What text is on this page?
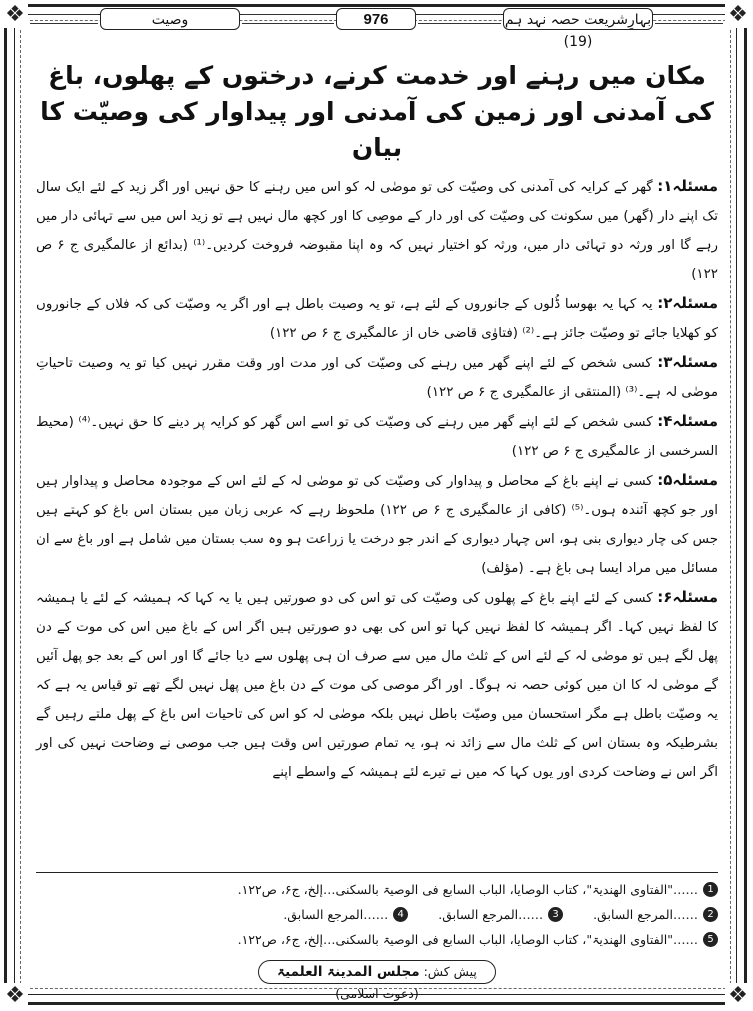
❖	❖
❖	❖
بہارِشریعت حصہ نہد ہم (19)
976
وصیت
مکان میں رہنے اور خدمت کرنے، درختوں کے پھلوں، باغ کی آمدنی اور زمین کی آمدنی اور پیداوار کی وصیّت کا بیان

مسئلہ۱: گھر کے کرایہ کی آمدنی کی وصیّت کی تو موصٰی لہ کو اس میں رہنے کا حق نہیں اور اگر زید کے لئے ایک سال تک اپنے دار (گھر) میں سکونت کی وصیّت کی اور دار کے موصِی کا اور کچھ مال نہیں ہے تو زید اس میں سے تہائی دار میں رہے گا اور ورثہ دو تہائی دار میں، ورثہ کو اختیار نہیں کہ وہ اپنا مقبوضہ فروخت کردیں۔⁽¹⁾ (بدائع از عالمگیری ج ۶ ص ۱۲۲)

مسئلہ۲: یہ کہا یہ بھوسا ڈُلوں کے جانوروں کے لئے ہے، تو یہ وصیت باطل ہے اور اگر یہ وصیّت کی کہ فلاں کے جانوروں کو کھلایا جائے تو وصیّت جائز ہے۔⁽²⁾ (فتاوٰی قاضی خاں از عالمگیری ج ۶ ص ۱۲۲)

مسئلہ۳: کسی شخص کے لئے اپنے گھر میں رہنے کی وصیّت کی اور مدت اور وقت مقرر نہیں کیا تو یہ وصیت تاحیاتِ موصٰی لہ ہے۔⁽³⁾ (المنتقی از عالمگیری ج ۶ ص ۱۲۲)

مسئلہ۴: کسی شخص کے لئے اپنے گھر میں رہنے کی وصیّت کی تو اسے اس گھر کو کرایہ پر دینے کا حق نہیں۔⁽⁴⁾ (محیط السرخسی از عالمگیری ج ۶ ص ۱۲۲)

مسئلہ۵: کسی نے اپنے باغ کے محاصل و پیداوار کی وصیّت کی تو موصٰی لہ کے لئے اس کے موجودہ محاصل و پیداوار ہیں اور جو کچھ آئندہ ہوں۔⁽⁵⁾ (کافی از عالمگیری ج ۶ ص ۱۲۲) ملحوظ رہے کہ عربی زبان میں بستان اس باغ کو کہتے ہیں جس کی چار دیواری بنی ہو، اس چہار دیواری کے اندر جو درخت یا زراعت ہو وہ سب بستان میں شامل ہے اور باغ سے ان مسائل میں مراد ایسا ہی باغ ہے۔ (مؤلف)

مسئلہ۶: کسی کے لئے اپنے باغ کے پھلوں کی وصیّت کی تو اس کی دو صورتیں ہیں یا یہ کہا کہ ہمیشہ کے لئے یا ہمیشہ کا لفظ نہیں کہا۔ اگر ہمیشہ کا لفظ نہیں کہا تو اس کی بھی دو صورتیں ہیں اگر اس کے باغ میں اس کی موت کے دن پھل لگے ہیں تو موصٰی لہ کے لئے اس کے ثلث مال میں سے صرف ان ہی پھلوں سے دیا جائے گا اور اس کے بعد جو پھل آئیں گے موصٰی لہ کا ان میں کوئی حصہ نہ ہوگا۔ اور اگر موصی کی موت کے دن باغ میں پھل نہیں لگے تھے تو قیاس یہ ہے کہ یہ وصیّت باطل ہے مگر استحسان میں وصیّت باطل نہیں بلکہ موصٰی لہ کو اس کی تاحیات اس باغ کے پھل ملتے رہیں گے بشرطیکہ وہ بستان اس کے ثلث مال سے زائد نہ ہو، یہ تمام صورتیں اس وقت ہیں جب موصی نے وضاحت نہیں کی اور اگر اس نے وضاحت کردی اور یوں کہا کہ میں نے تیرے لئے ہمیشہ کے واسطے اپنے

1
……"الفتاوی الھندیۃ"، کتاب الوصایا، الباب السابع فی الوصیۃ بالسکنی…إلخ، ج۶، ص۱۲۲.
2
……المرجع السابق.
3
……المرجع السابق.
4
……المرجع السابق.
5
……"الفتاوی الھندیۃ"، کتاب الوصایا، الباب السابع فی الوصیۃ بالسکنی…إلخ، ج۶، ص۱۲۲.
پیش کش: مجلس المدینۃ العلمیۃ (دعوت اسلامی)
